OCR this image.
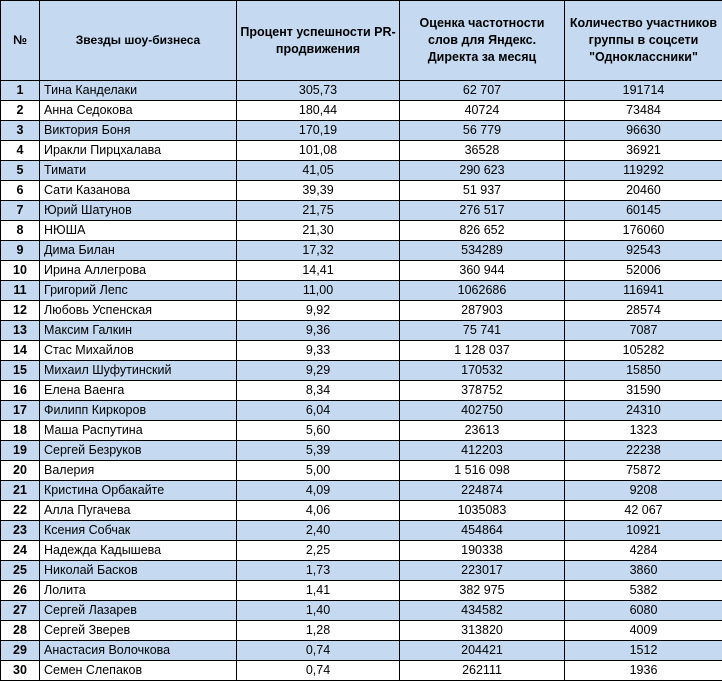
№	Звезды шоу-бизнеса	Процент успешности PR-продвижения	Оценка частотности слов для Яндекс. Директа за месяц	Количество участников группы в соцсети "Одноклассники"
1	Тина Канделаки	305,73	62 707	191714
2	Анна Седокова	180,44	40724	73484
3	Виктория Боня	170,19	56 779	96630
4	Иракли Пирцхалава	101,08	36528	36921
5	Тимати	41,05	290 623	119292
6	Сати Казанова	39,39	51 937	20460
7	Юрий Шатунов	21,75	276 517	60145
8	НЮША	21,30	826 652	176060
9	Дима Билан	17,32	534289	92543
10	Ирина Аллегрова	14,41	360 944	52006
11	Григорий Лепс	11,00	1062686	116941
12	Любовь Успенская	9,92	287903	28574
13	Максим Галкин	9,36	75 741	7087
14	Стас Михайлов	9,33	1 128 037	105282
15	Михаил Шуфутинский	9,29	170532	15850
16	Елена Ваенга	8,34	378752	31590
17	Филипп Киркоров	6,04	402750	24310
18	Маша Распутина	5,60	23613	1323
19	Сергей Безруков	5,39	412203	22238
20	Валерия	5,00	1 516 098	75872
21	Кристина Орбакайте	4,09	224874	9208
22	Алла Пугачева	4,06	1035083	42 067
23	Ксения Собчак	2,40	454864	10921
24	Надежда Кадышева	2,25	190338	4284
25	Николай Басков	1,73	223017	3860
26	Лолита	1,41	382 975	5382
27	Сергей Лазарев	1,40	434582	6080
28	Сергей Зверев	1,28	313820	4009
29	Анастасия Волочкова	0,74	204421	1512
30	Семен Слепаков	0,74	262111	1936
